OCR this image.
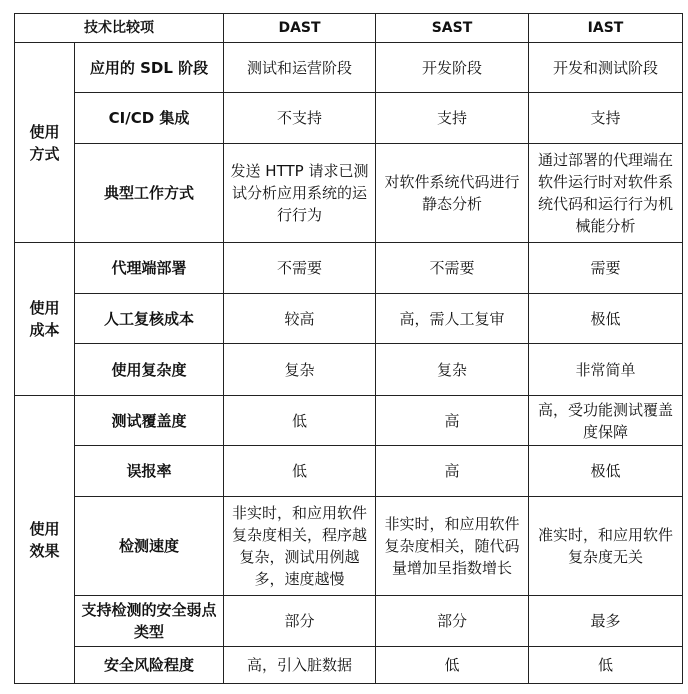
技术比较项		DAST	SAST	IAST
使用
方式	应用的 SDL 阶段	测试和运营阶段	开发阶段	开发和测试阶段
	CI/CD 集成	不支持	支持	支持
	典型工作方式	发送 HTTP 请求已测试分析应用系统的运行行为	对软件系统代码进行静态分析	通过部署的代理端在软件运行时对软件系统代码和运行行为机械能分析
使用
成本	代理端部署	不需要	不需要	需要
	人工复核成本	较高	高，需人工复审	极低
	使用复杂度	复杂	复杂	非常简单
使用
效果	测试覆盖度	低	高	高，受功能测试覆盖度保障
	误报率	低	高	极低
	检测速度	非实时，和应用软件复杂度相关，程序越复杂，测试用例越多，速度越慢	非实时，和应用软件复杂度相关，随代码量增加呈指数增长	准实时，和应用软件复杂度无关
	支持检测的安全弱点类型	部分	部分	最多
	安全风险程度	高，引入脏数据	低	低
